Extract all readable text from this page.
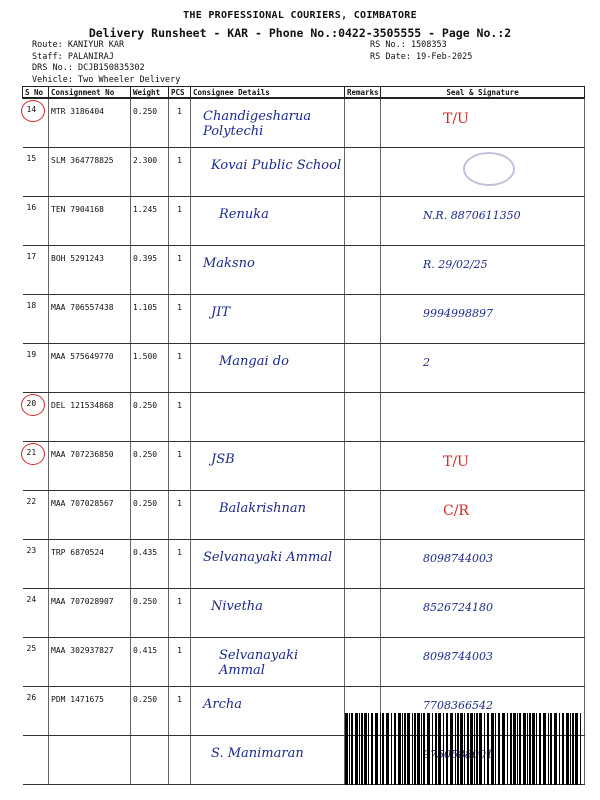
THE PROFESSIONAL COURIERS, COIMBATORE
Delivery Runsheet - KAR - Phone No.:0422-3505555 - Page No.:2
Route: KANIYUR KAR
Staff: PALANIRAJ
DRS No.: DCJB150835302
Vehicle: Two Wheeler Delivery
RS No.: 1508353
RS Date: 19-Feb-2025
S No	Consignment No	Weight	PCS	Consignee Details	Remarks	Seal & Signature
14	MTR 3186404	0.250	1	Chandigesharua Polytechi		T/U
15	SLM 364778825	2.300	1	Kovai Public School		
16	TEN 7904168	1.245	1	Renuka		N.R. 8870611350
17	BOH 5291243	0.395	1	Maksno		R. 29/02/25
18	MAA 706557438	1.105	1	JIT		9994998897
19	MAA 575649770	1.500	1	Mangai do		2
20	DEL 121534868	0.250	1			
21	MAA 707236850	0.250	1	JSB		T/U
22	MAA 707028567	0.250	1	Balakrishnan		C/R
23	TRP 6870524	0.435	1	Selvanayaki Ammal		8098744003
24	MAA 707028907	0.250	1	Nivetha		8526724180
25	MAA 302937827	0.415	1	Selvanayaki Ammal		8098744003
26	PDM 1471675	0.250	1	Archa		7708366542
				S. Manimaran		
